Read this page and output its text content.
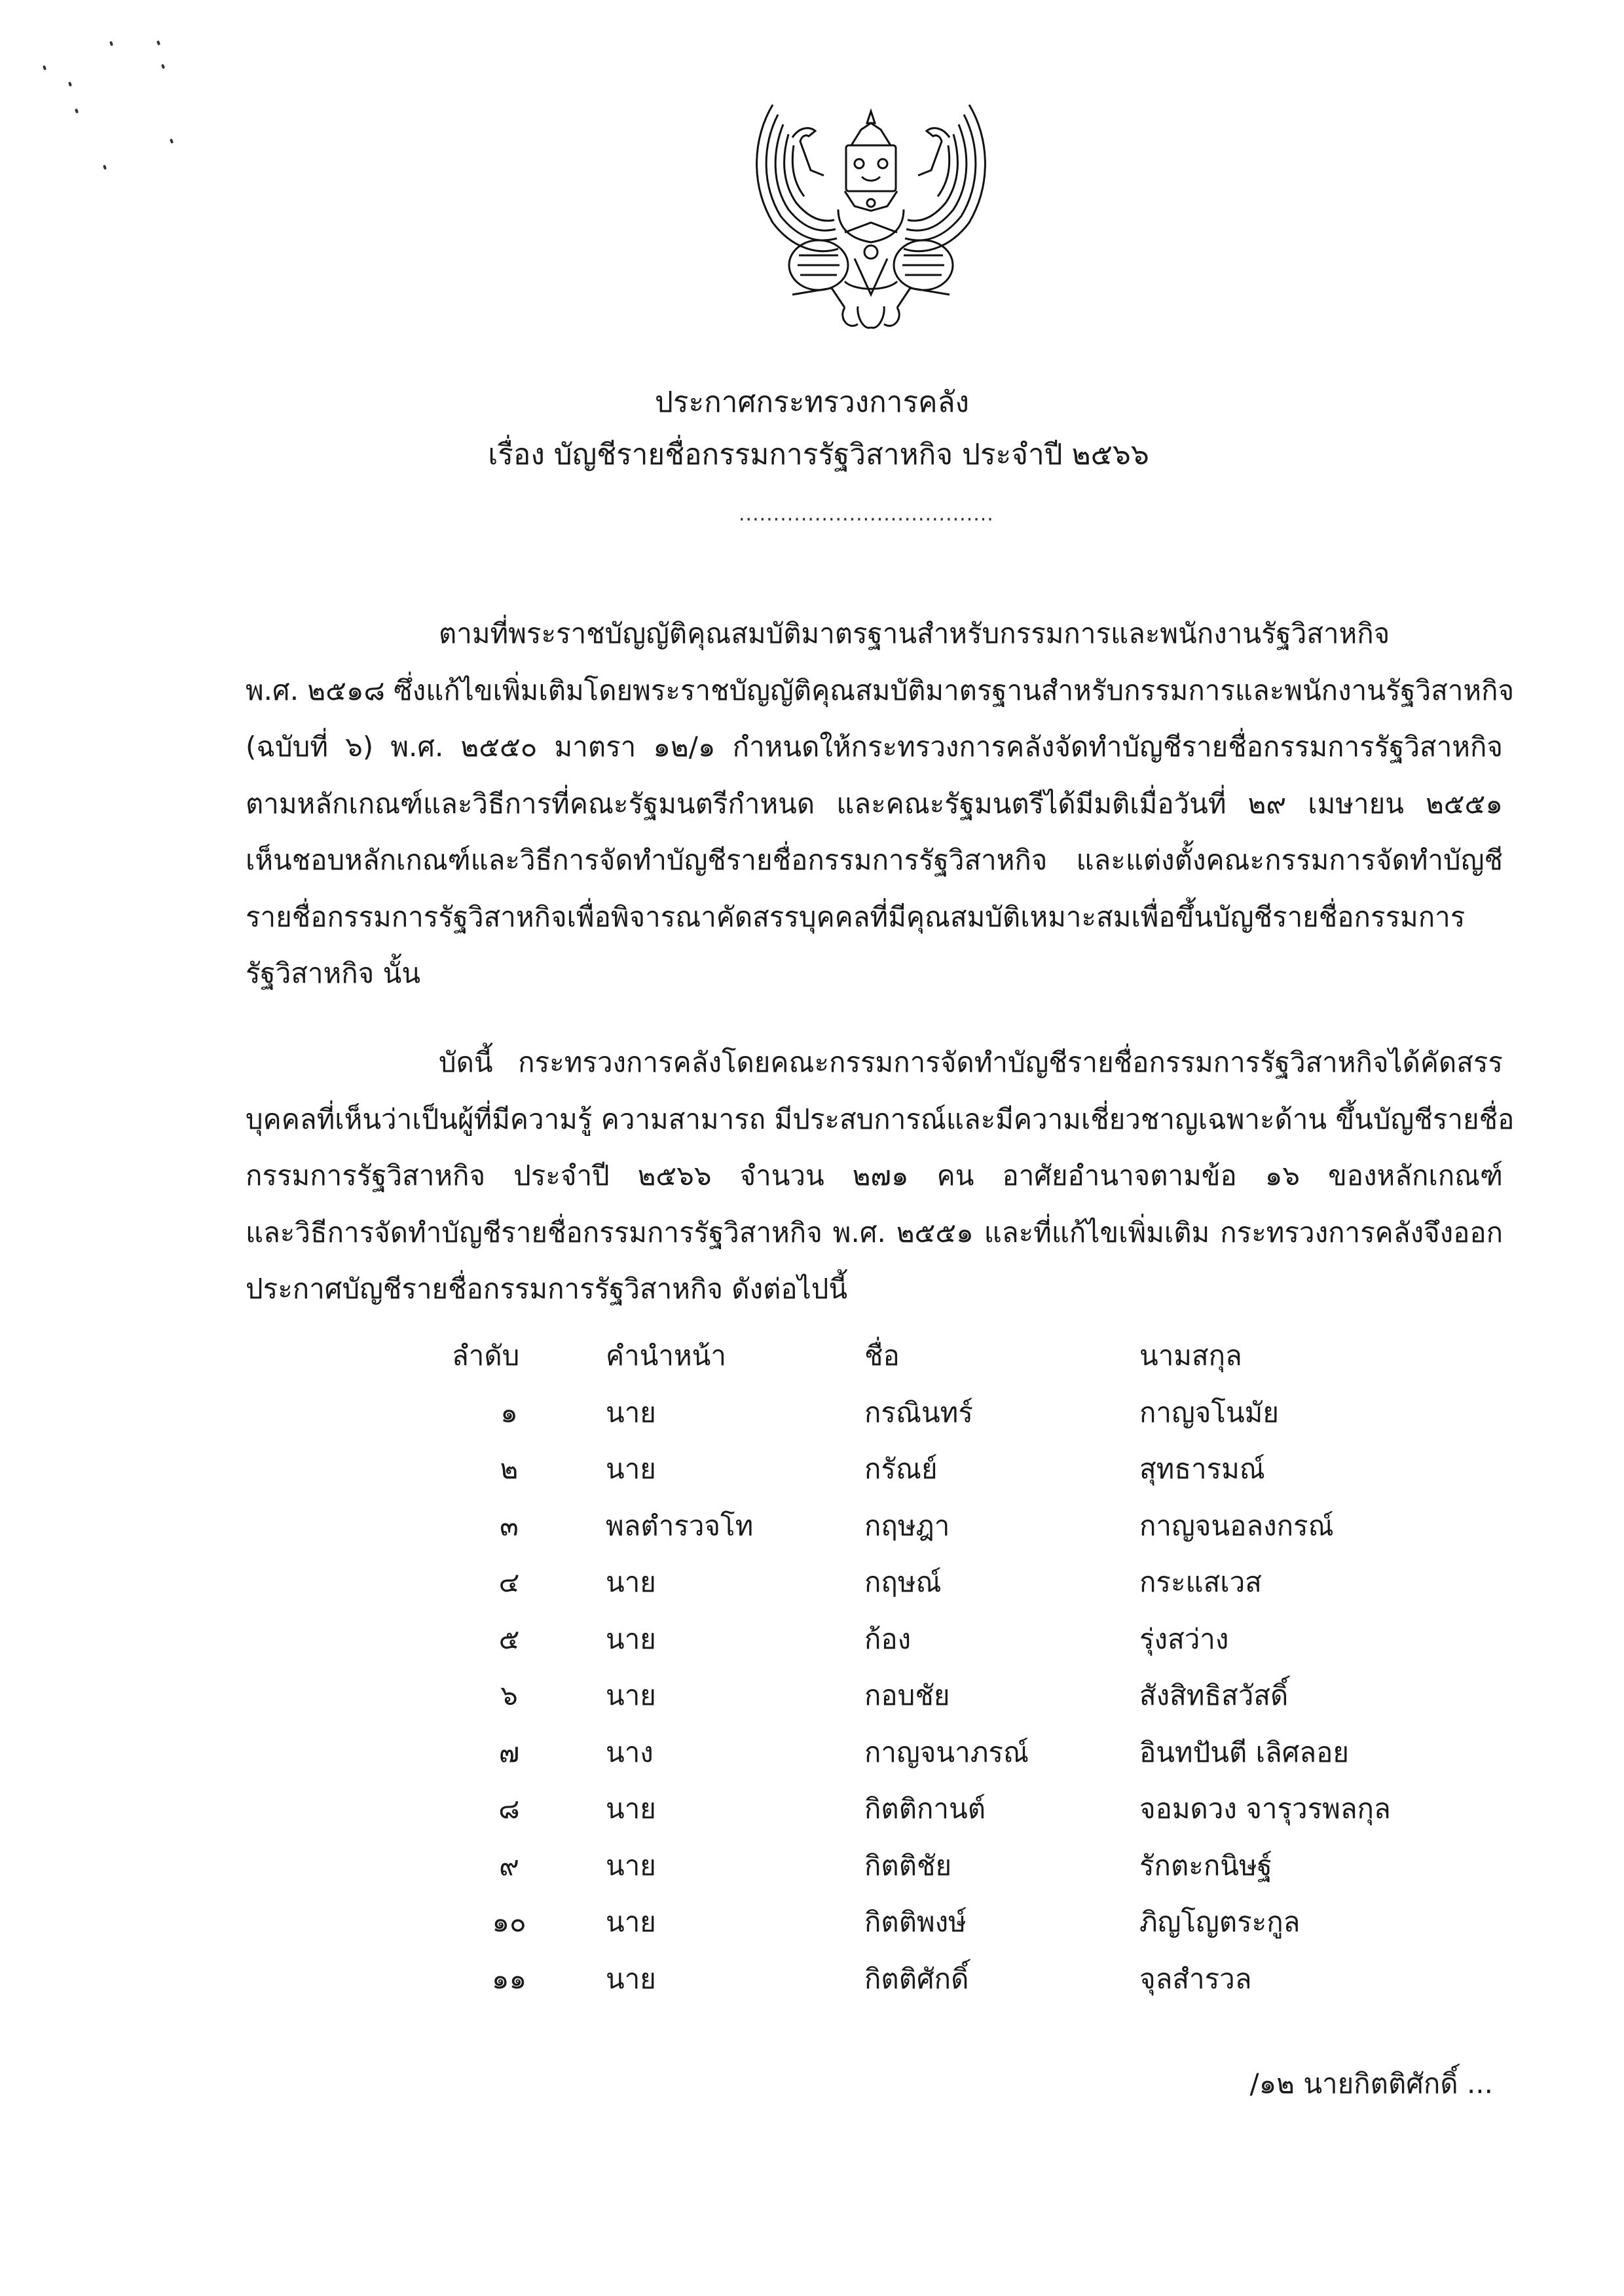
ประกาศกระทรวงการคลัง
เรื่อง บัญชีรายชื่อกรรมการรัฐวิสาหกิจ ประจำปี ๒๕๖๖
.....................................
ตามที่พระราชบัญญัติคุณสมบัติมาตรฐานสำหรับกรรมการและพนักงานรัฐวิสาหกิจ
พ.ศ. ๒๕๑๘ ซึ่งแก้ไขเพิ่มเติมโดยพระราชบัญญัติคุณสมบัติมาตรฐานสำหรับกรรมการและพนักงานรัฐวิสาหกิจ
(ฉบับที่ ๖) พ.ศ. ๒๕๕๐ มาตรา ๑๒/๑ กำหนดให้กระทรวงการคลังจัดทำบัญชีรายชื่อกรรมการรัฐวิสาหกิจ
ตามหลักเกณฑ์และวิธีการที่คณะรัฐมนตรีกำหนด และคณะรัฐมนตรีได้มีมติเมื่อวันที่ ๒๙ เมษายน ๒๕๕๑
เห็นชอบหลักเกณฑ์และวิธีการจัดทำบัญชีรายชื่อกรรมการรัฐวิสาหกิจ และแต่งตั้งคณะกรรมการจัดทำบัญชี
รายชื่อกรรมการรัฐวิสาหกิจเพื่อพิจารณาคัดสรรบุคคลที่มีคุณสมบัติเหมาะสมเพื่อขึ้นบัญชีรายชื่อกรรมการ
รัฐวิสาหกิจ นั้น
บัดนี้ กระทรวงการคลังโดยคณะกรรมการจัดทำบัญชีรายชื่อกรรมการรัฐวิสาหกิจได้คัดสรร
บุคคลที่เห็นว่าเป็นผู้ที่มีความรู้ ความสามารถ มีประสบการณ์และมีความเชี่ยวชาญเฉพาะด้าน ขึ้นบัญชีรายชื่อ
กรรมการรัฐวิสาหกิจ ประจำปี ๒๕๖๖ จำนวน ๒๗๑ คน อาศัยอำนาจตามข้อ ๑๖ ของหลักเกณฑ์
และวิธีการจัดทำบัญชีรายชื่อกรรมการรัฐวิสาหกิจ พ.ศ. ๒๕๕๑ และที่แก้ไขเพิ่มเติม กระทรวงการคลังจึงออก
ประกาศบัญชีรายชื่อกรรมการรัฐวิสาหกิจ ดังต่อไปนี้
ลำดับ	คำนำหน้า	ชื่อ	นามสกุล
๑	นาย	กรณินทร์	กาญจโนมัย
๒	นาย	กรัณย์	สุทธารมณ์
๓	พลตำรวจโท	กฤษฎา	กาญจนอลงกรณ์
๔	นาย	กฤษณ์	กระแสเวส
๕	นาย	ก้อง	รุ่งสว่าง
๖	นาย	กอบชัย	สังสิทธิสวัสดิ์
๗	นาง	กาญจนาภรณ์	อินทปันตี เลิศลอย
๘	นาย	กิตติกานต์	จอมดวง จารุวรพลกุล
๙	นาย	กิตติชัย	รักตะกนิษฐ์
๑๐	นาย	กิตติพงษ์	ภิญโญตระกูล
๑๑	นาย	กิตติศักดิ์	จุลสำรวล
/๑๒ นายกิตติศักดิ์ ...
